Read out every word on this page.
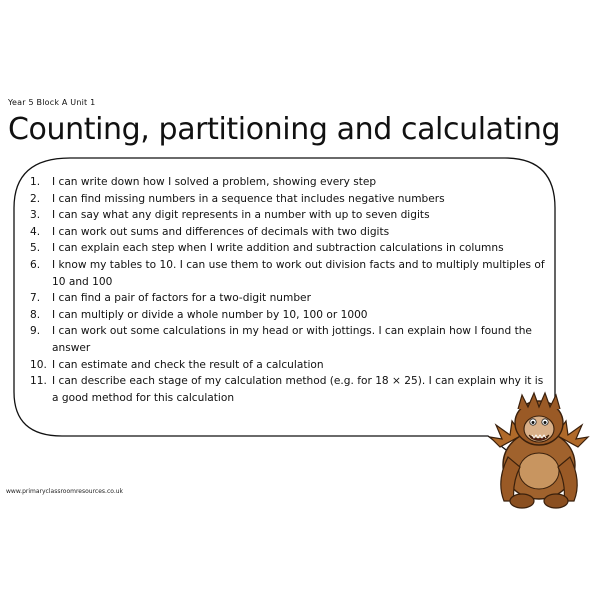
Year 5 Block A Unit 1
Counting, partitioning and calculating
1.	I can write down how I solved a problem, showing every step
2.	I can find missing numbers in a sequence that includes negative numbers
3.	I can say what any digit represents in a number with up to seven digits
4.	I can work out sums and differences of decimals with two digits
5.	I can explain each step when I write addition and subtraction calculations in columns
6.	I know my tables to 10. I can use them to work out division facts and to multiply multiples of 10 and 100
7.	I can find a pair of factors for a two-digit number
8.	I can multiply or divide a whole number by 10, 100 or 1000
9.	I can work out some calculations in my head or with jottings. I can explain how I found the answer
10. I can estimate and check the result of a calculation
11. I can describe each stage of my calculation method (e.g. for 18 × 25). I can explain why it is a good method for this calculation
www.primaryclassroomresources.co.uk
